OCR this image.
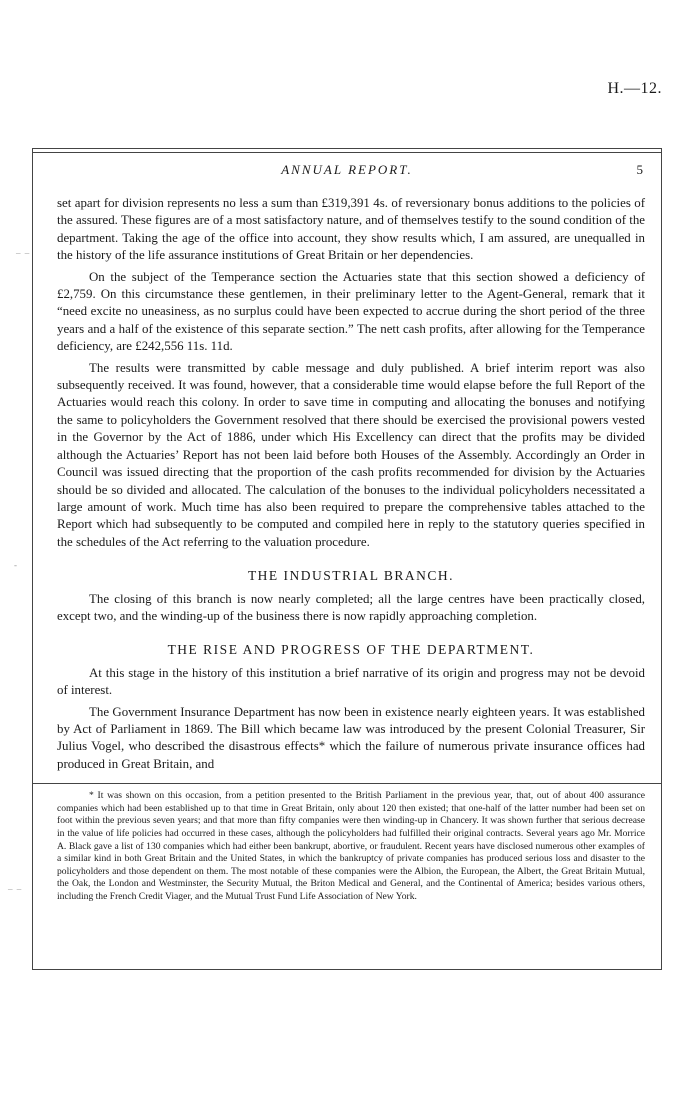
H.—12.
– –
-
– –
ANNUAL REPORT.	5

set apart for division represents no less a sum than £319,391 4s. of reversionary bonus additions to the policies of the assured. These figures are of a most satisfactory nature, and of themselves testify to the sound condition of the department. Taking the age of the office into account, they show results which, I am assured, are unequalled in the history of the life assurance institutions of Great Britain or her dependencies.

On the subject of the Temperance section the Actuaries state that this section showed a deficiency of £2,759. On this circumstance these gentlemen, in their preliminary letter to the Agent-General, remark that it “need excite no uneasiness, as no surplus could have been expected to accrue during the short period of the three years and a half of the existence of this separate section.” The nett cash profits, after allowing for the Temperance deficiency, are £242,556 11s. 11d.

The results were transmitted by cable message and duly published. A brief interim report was also subsequently received. It was found, however, that a considerable time would elapse before the full Report of the Actuaries would reach this colony. In order to save time in computing and allocating the bonuses and notifying the same to policyholders the Government resolved that there should be exercised the provisional powers vested in the Governor by the Act of 1886, under which His Excellency can direct that the profits may be divided although the Actuaries’ Report has not been laid before both Houses of the Assembly. Accordingly an Order in Council was issued directing that the proportion of the cash profits recommended for division by the Actuaries should be so divided and allocated. The calculation of the bonuses to the individual policyholders necessitated a large amount of work. Much time has also been required to prepare the comprehensive tables attached to the Report which had subsequently to be computed and compiled here in reply to the statutory queries specified in the schedules of the Act referring to the valuation procedure.

THE INDUSTRIAL BRANCH.

The closing of this branch is now nearly completed; all the large centres have been practically closed, except two, and the winding-up of the business there is now rapidly approaching completion.

THE RISE AND PROGRESS OF THE DEPARTMENT.

At this stage in the history of this institution a brief narrative of its origin and progress may not be devoid of interest.

The Government Insurance Department has now been in existence nearly eighteen years. It was established by Act of Parliament in 1869. The Bill which became law was introduced by the present Colonial Treasurer, Sir Julius Vogel, who described the disastrous effects* which the failure of numerous private insurance offices had produced in Great Britain, and

* It was shown on this occasion, from a petition presented to the British Parliament in the previous year, that, out of about 400 assurance companies which had been established up to that time in Great Britain, only about 120 then existed; that one-half of the latter number had been set on foot within the previous seven years; and that more than fifty companies were then winding-up in Chancery. It was shown further that serious decrease in the value of life policies had occurred in these cases, although the policyholders had fulfilled their original contracts. Several years ago Mr. Morrice A. Black gave a list of 130 companies which had either been bankrupt, abortive, or fraudulent. Recent years have disclosed numerous other examples of a similar kind in both Great Britain and the United States, in which the bankruptcy of private companies has produced serious loss and disaster to the policyholders and those dependent on them. The most notable of these companies were the Albion, the European, the Albert, the Great Britain Mutual, the Oak, the London and Westminster, the Security Mutual, the Briton Medical and General, and the Continental of America; besides various others, including the French Credit Viager, and the Mutual Trust Fund Life Association of New York.
